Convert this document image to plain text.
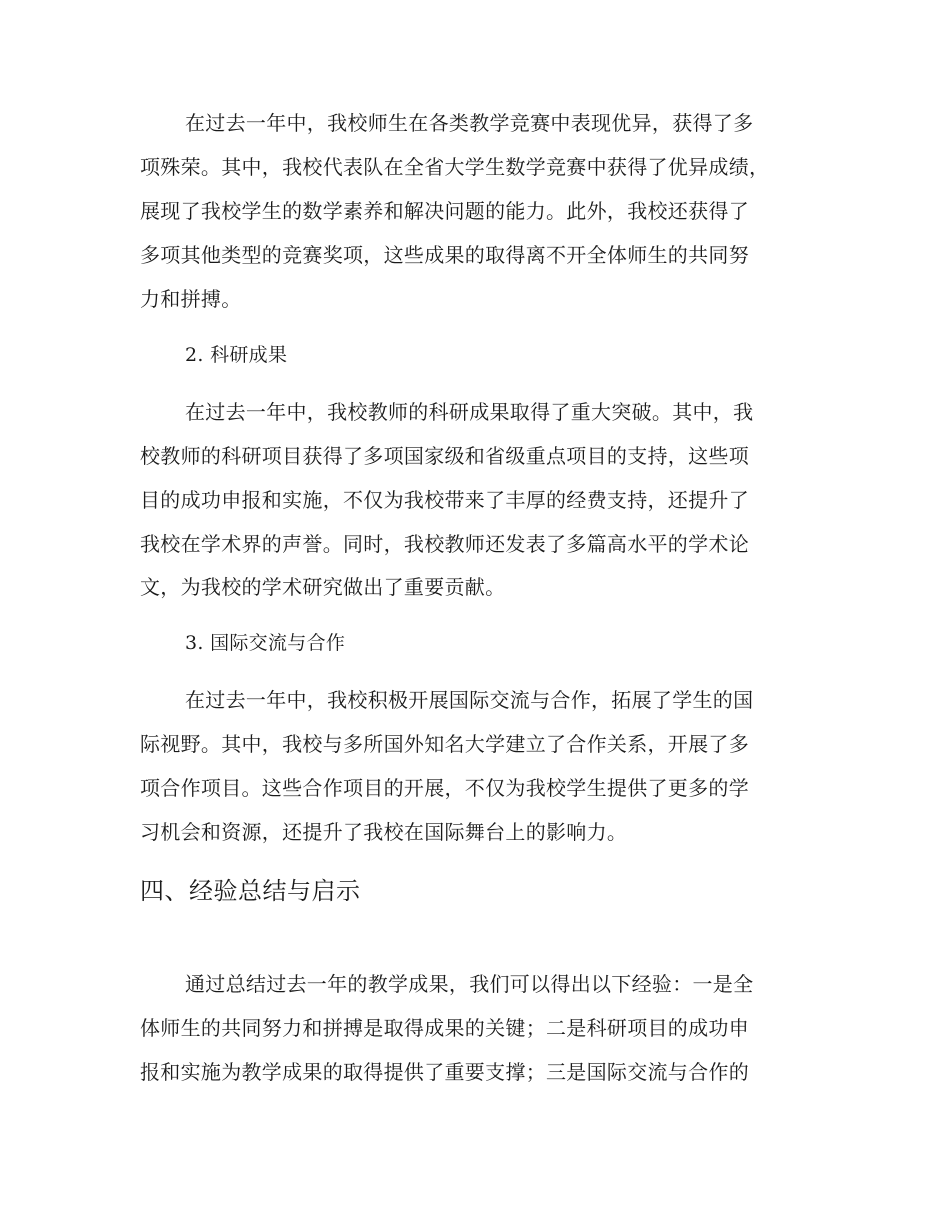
在过去一年中，我校师生在各类教学竞赛中表现优异，获得了多
项殊荣。其中，我校代表队在全省大学生数学竞赛中获得了优异成绩，
展现了我校学生的数学素养和解决问题的能力。此外，我校还获得了
多项其他类型的竞赛奖项，这些成果的取得离不开全体师生的共同努
力和拼搏。
2. 科研成果
在过去一年中，我校教师的科研成果取得了重大突破。其中，我
校教师的科研项目获得了多项国家级和省级重点项目的支持，这些项
目的成功申报和实施，不仅为我校带来了丰厚的经费支持，还提升了
我校在学术界的声誉。同时，我校教师还发表了多篇高水平的学术论
文，为我校的学术研究做出了重要贡献。
3. 国际交流与合作
在过去一年中，我校积极开展国际交流与合作，拓展了学生的国
际视野。其中，我校与多所国外知名大学建立了合作关系，开展了多
项合作项目。这些合作项目的开展，不仅为我校学生提供了更多的学
习机会和资源，还提升了我校在国际舞台上的影响力。
四、经验总结与启示
通过总结过去一年的教学成果，我们可以得出以下经验：一是全
体师生的共同努力和拼搏是取得成果的关键；二是科研项目的成功申
报和实施为教学成果的取得提供了重要支撑；三是国际交流与合作的
